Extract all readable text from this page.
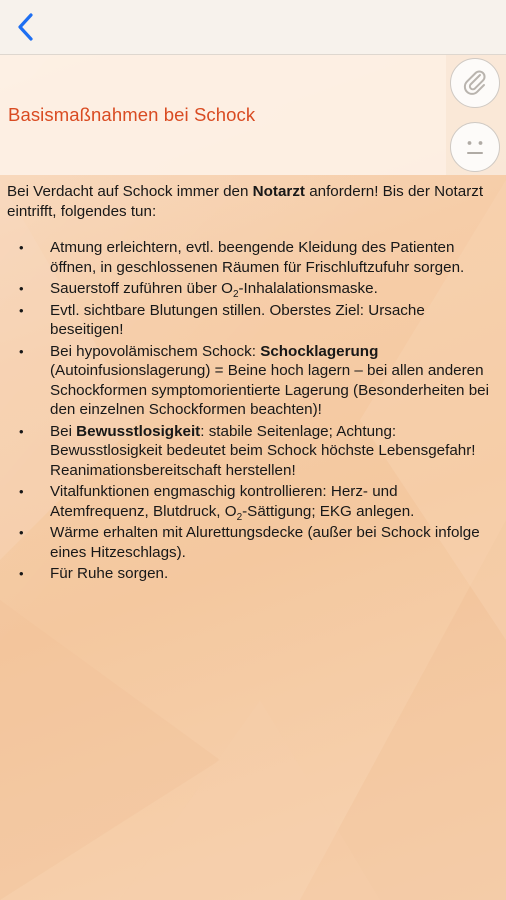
Basismaßnahmen bei Schock

Bei Verdacht auf Schock immer den Notarzt anfordern! Bis der Notarzt eintrifft, folgendes tun:

• Atmung erleichtern, evtl. beengende Kleidung des Patienten öffnen, in geschlossenen Räumen für Frischluftzufuhr sorgen.
• Sauerstoff zuführen über $O_2$-Inhalalationsmaske.
• Evtl. sichtbare Blutungen stillen. Oberstes Ziel: Ursache beseitigen!
• Bei hypovolämischem Schock: Schocklagerung (Autoinfusionslagerung) = Beine hoch lagern – bei allen anderen Schockformen symptomorientierte Lagerung (Besonderheiten bei den einzelnen Schockformen beachten)!
• Bei Bewusstlosigkeit: stabile Seitenlage; Achtung: Bewusstlosigkeit bedeutet beim Schock höchste Lebensgefahr! Reanimationsbereitschaft herstellen!
• Vitalfunktionen engmaschig kontrollieren: Herz- und Atemfrequenz, Blutdruck, $O_2$-Sättigung; EKG anlegen.
• Wärme erhalten mit Alurettungsdecke (außer bei Schock infolge eines Hitzeschlags).
• Für Ruhe sorgen.
